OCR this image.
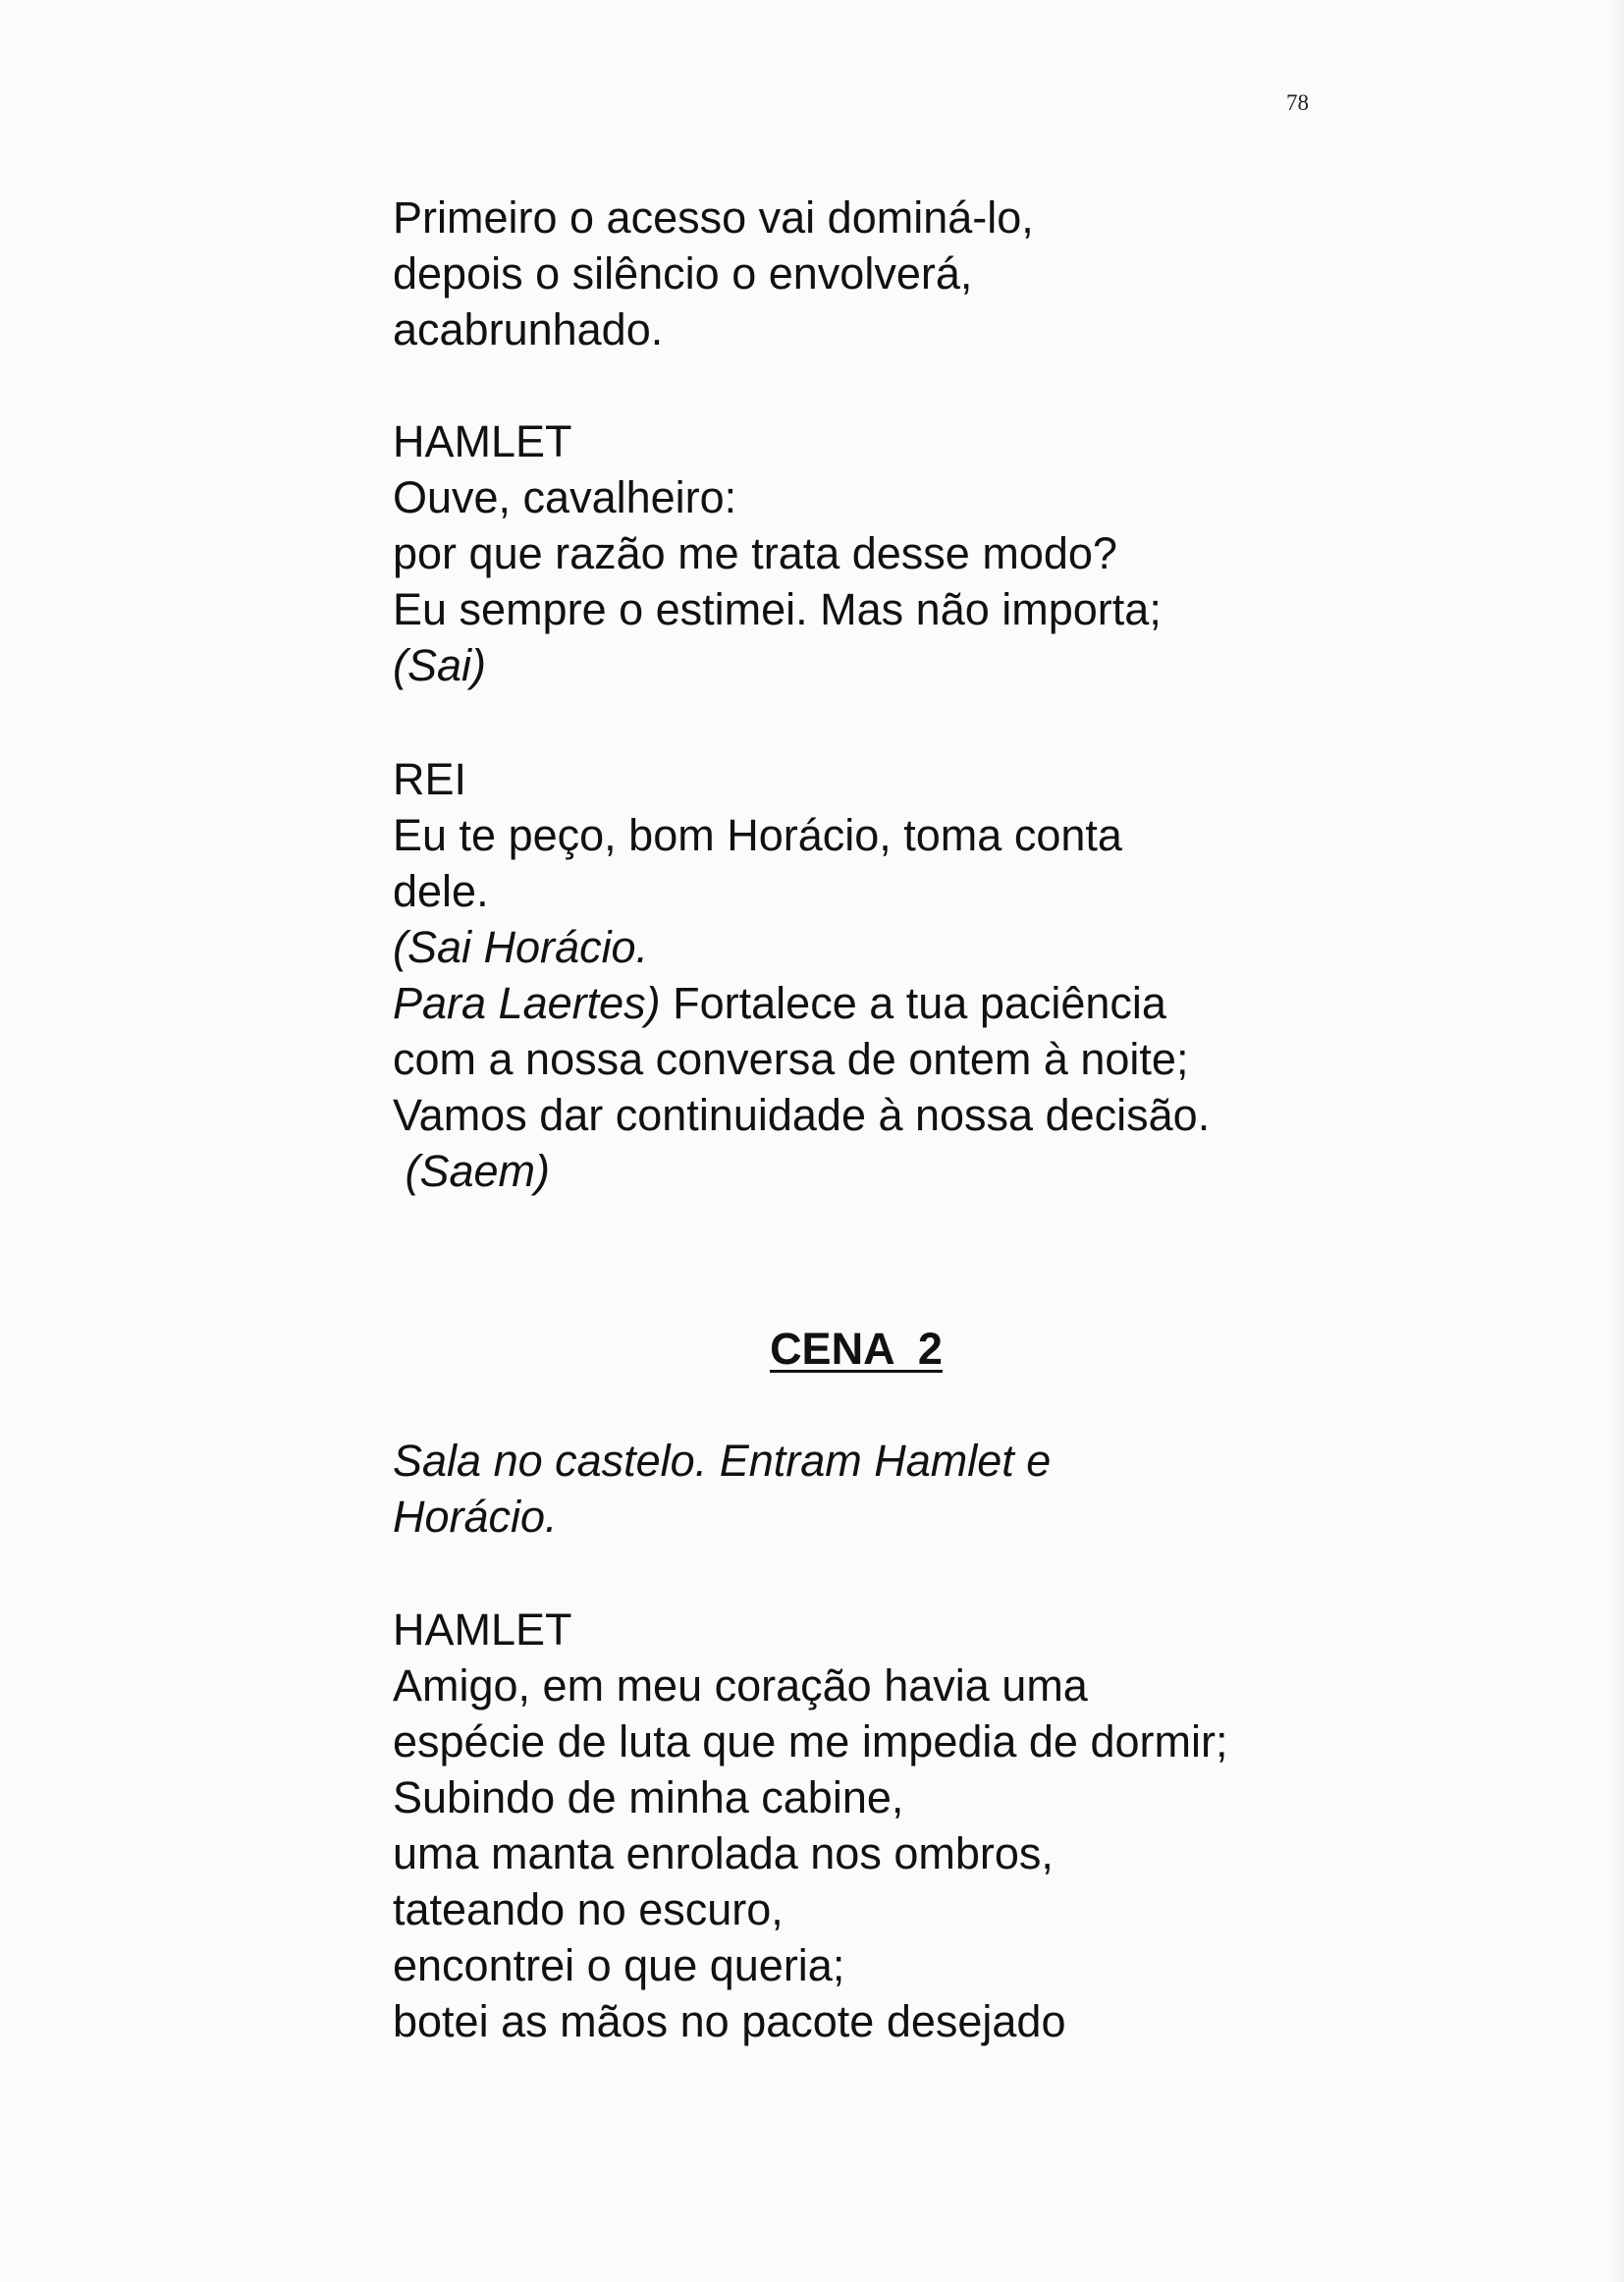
78
Primeiro o acesso vai dominá-lo,
depois o silêncio o envolverá,
acabrunhado.
HAMLET
Ouve, cavalheiro:
por que razão me trata desse modo?
Eu sempre o estimei. Mas não importa;
(Sai)
REI
Eu te peço, bom Horácio, toma conta
dele.
(Sai Horácio.
Para Laertes) Fortalece a tua paciência
com a nossa conversa de ontem à noite;
Vamos dar continuidade à nossa decisão.
(Saem)
CENA  2
Sala no castelo. Entram Hamlet e
Horácio.
HAMLET
Amigo, em meu coração havia uma
espécie de luta que me impedia de dormir;
Subindo de minha cabine,
uma manta enrolada nos ombros,
tateando no escuro,
encontrei o que queria;
botei as mãos no pacote desejado
